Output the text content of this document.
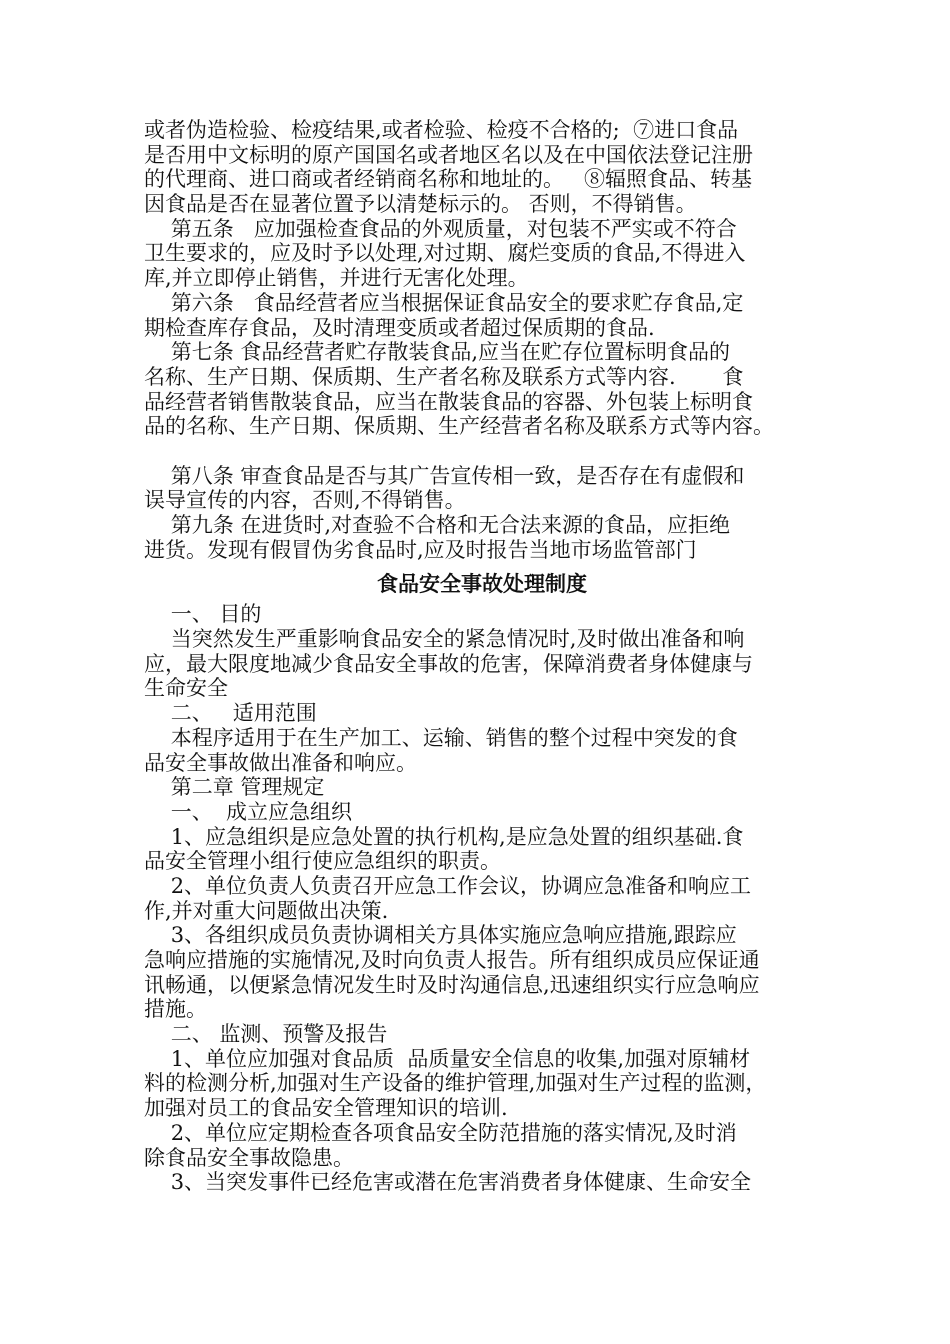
或者伪造检验、检疫结果,或者检验、检疫不合格的;  ⑦进口食品
是否用中文标明的原产国国名或者地区名以及在中国依法登记注册
的代理商、进口商或者经销商名称和地址的。   ⑧辐照食品、转基
因食品是否在显著位置予以清楚标示的。 否则，不得销售。
第五条   应加强检查食品的外观质量，对包装不严实或不符合
卫生要求的，应及时予以处理,对过期、腐烂变质的食品,不得进入
库,并立即停止销售，并进行无害化处理。
第六条   食品经营者应当根据保证食品安全的要求贮存食品,定
期检查库存食品，及时清理变质或者超过保质期的食品.
第七条 食品经营者贮存散装食品,应当在贮存位置标明食品的
名称、生产日期、保质期、生产者名称及联系方式等内容.       食
品经营者销售散装食品，应当在散装食品的容器、外包装上标明食
品的名称、生产日期、保质期、生产经营者名称及联系方式等内容。
第八条 审查食品是否与其广告宣传相一致，是否存在有虚假和
误导宣传的内容，否则,不得销售。
第九条 在进货时,对查验不合格和无合法来源的食品，应拒绝
进货。发现有假冒伪劣食品时,应及时报告当地市场监管部门
食品安全事故处理制度
一、 目的
当突然发生严重影响食品安全的紧急情况时,及时做出准备和响
应，最大限度地减少食品安全事故的危害，保障消费者身体健康与
生命安全
二、   适用范围
本程序适用于在生产加工、运输、销售的整个过程中突发的食
品安全事故做出准备和响应。
第二章 管理规定
一、  成立应急组织
1、应急组织是应急处置的执行机构,是应急处置的组织基础.食
品安全管理小组行使应急组织的职责。
2、单位负责人负责召开应急工作会议，协调应急准备和响应工
作,并对重大问题做出决策.
3、各组织成员负责协调相关方具体实施应急响应措施,跟踪应
急响应措施的实施情况,及时向负责人报告。所有组织成员应保证通
讯畅通，以便紧急情况发生时及时沟通信息,迅速组织实行应急响应
措施。
二、 监测、预警及报告
1、单位应加强对食品质  品质量安全信息的收集,加强对原辅材
料的检测分析,加强对生产设备的维护管理,加强对生产过程的监测，
加强对员工的食品安全管理知识的培训.
2、单位应定期检查各项食品安全防范措施的落实情况,及时消
除食品安全事故隐患。
3、当突发事件已经危害或潜在危害消费者身体健康、生命安全
